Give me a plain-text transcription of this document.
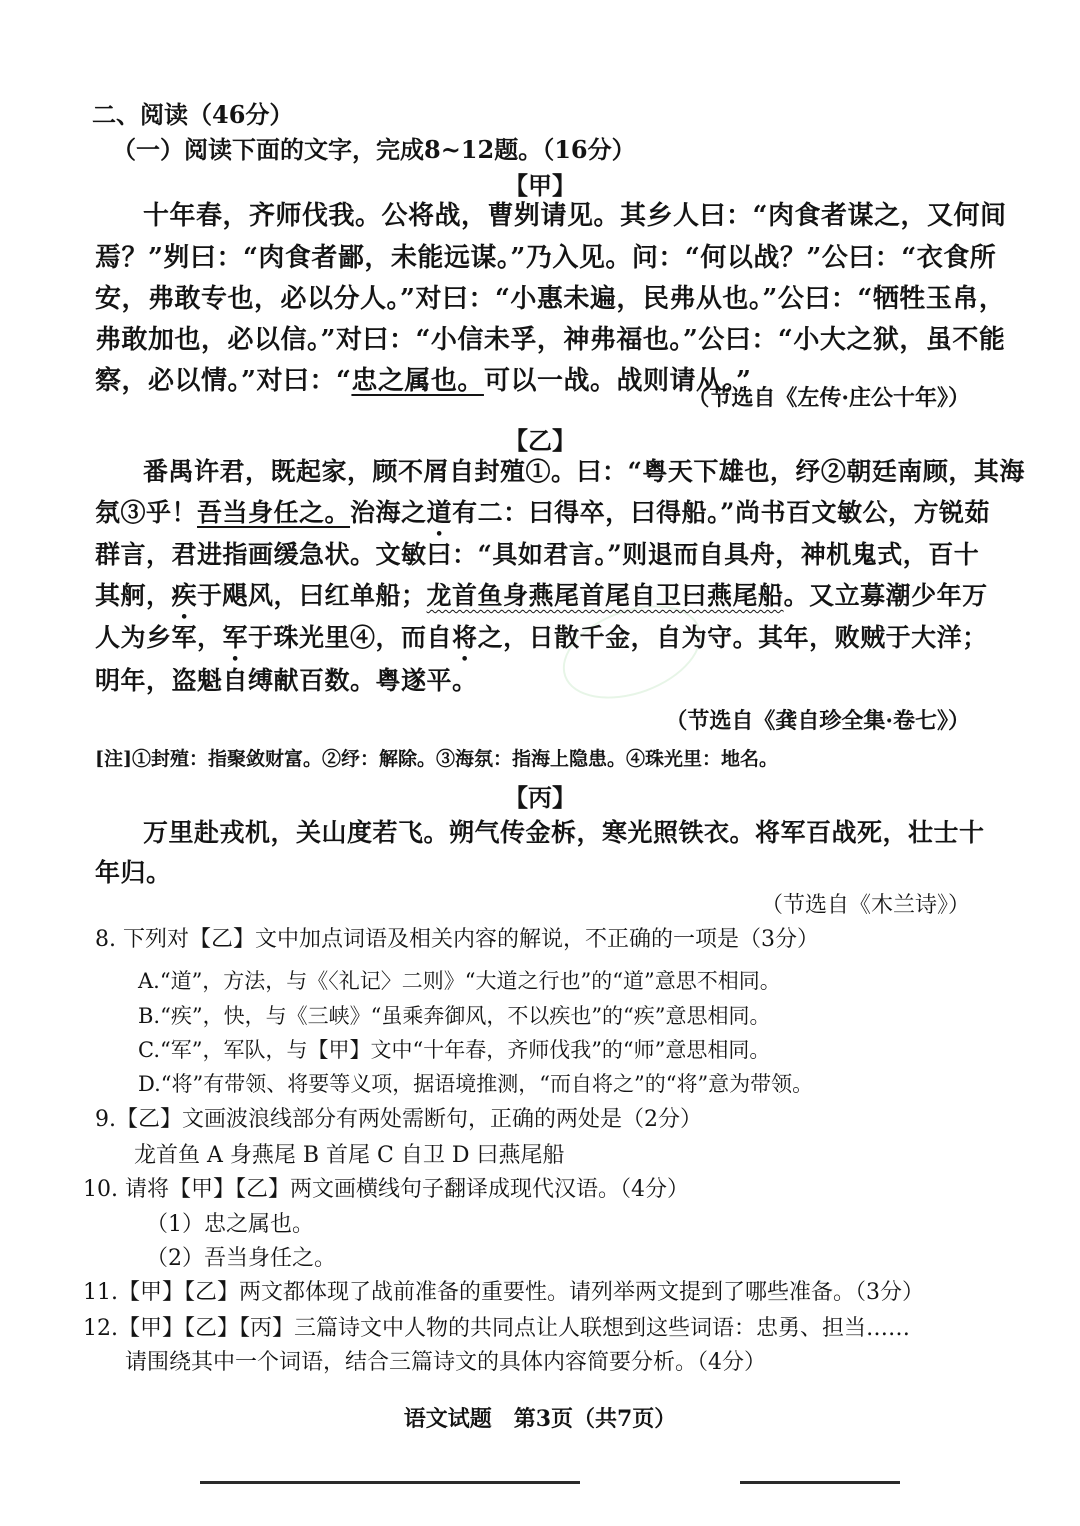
二、阅读（46分）
（一）阅读下面的文字，完成8~12题。（16分）
【甲】
十年春，齐师伐我。公将战，曹刿请见。其乡人曰：“肉食者谋之，又何间
焉？”刿曰：“肉食者鄙，未能远谋。”乃入见。问：“何以战？”公曰：“衣食所
安，弗敢专也，必以分人。”对曰：“小惠未遍，民弗从也。”公曰：“牺牲玉帛，
弗敢加也，必以信。”对曰：“小信未孚，神弗福也。”公曰：“小大之狱，虽不能
察，必以情。”对曰：“忠之属也。可以一战。战则请从。”
（节选自《左传·庄公十年》）
【乙】
番禺许君，既起家，顾不屑自封殖①。曰：“粤天下雄也，纾②朝廷南顾，其海
氛③乎！吾当身任之。治海之道有二：曰得卒，曰得船。”尚书百文敏公，方锐茹
群言，君进指画缓急状。文敏曰：“具如君言。”则退而自具舟，神机鬼式，百十
其舸，疾于飓风，曰红单船；龙首鱼身燕尾首尾自卫曰燕尾船。又立募潮少年万
人为乡军，军于珠光里④，而自将之，日散千金，自为守。其年，败贼于大洋；
明年，盗魁自缚献百数。粤遂平。
（节选自《龚自珍全集·卷七》）
[注]①封殖：指聚敛财富。②纾：解除。③海氛：指海上隐患。④珠光里：地名。
【丙】
万里赴戎机，关山度若飞。朔气传金柝，寒光照铁衣。将军百战死，壮士十
年归。
（节选自《木兰诗》）
8. 下列对【乙】文中加点词语及相关内容的解说，不正确的一项是（3分）
A.“道”，方法，与《〈礼记〉二则》“大道之行也”的“道”意思不相同。
B.“疾”，快，与《三峡》“虽乘奔御风，不以疾也”的“疾”意思相同。
C.“军”，军队，与【甲】文中“十年春，齐师伐我”的“师”意思相同。
D.“将”有带领、将要等义项，据语境推测，“而自将之”的“将”意为带领。
9.【乙】文画波浪线部分有两处需断句，正确的两处是（2分）
龙首鱼 A 身燕尾 B 首尾 C 自卫 D 曰燕尾船
10. 请将【甲】【乙】两文画横线句子翻译成现代汉语。（4分）
（1）忠之属也。
（2）吾当身任之。
11.【甲】【乙】两文都体现了战前准备的重要性。请列举两文提到了哪些准备。（3分）
12.【甲】【乙】【丙】三篇诗文中人物的共同点让人联想到这些词语：忠勇、担当……
请围绕其中一个词语，结合三篇诗文的具体内容简要分析。（4分）
语文试题　第3页（共7页）
